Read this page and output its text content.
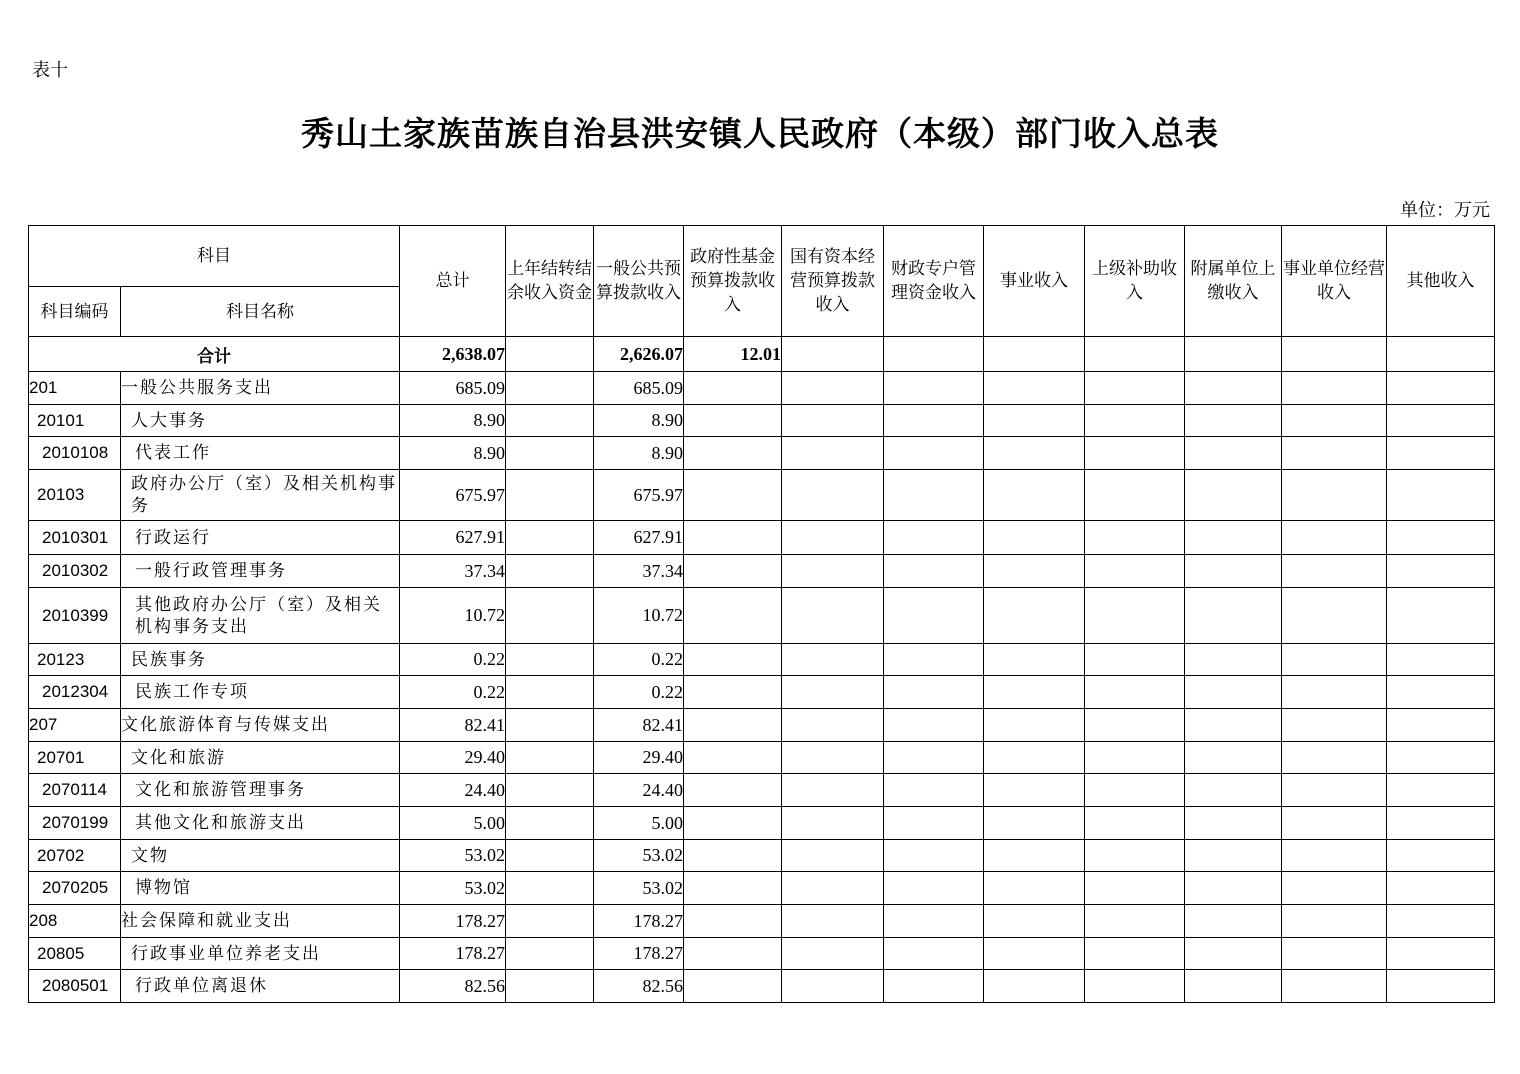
表十
秀山土家族苗族自治县洪安镇人民政府（本级）部门收入总表
单位：万元
科目		总计	上年结转结余收入资金	一般公共预算拨款收入	政府性基金预算拨款收入	国有资本经营预算拨款收入	财政专户管理资金收入	事业收入	上级补助收入	附属单位上缴收入	事业单位经营收入	其他收入
科目编码	科目名称											
合计		2,638.07		2,626.07	12.01							
201	一般公共服务支出	685.09		685.09								
20101	人大事务	8.90		8.90								
2010108	代表工作	8.90		8.90								
20103	政府办公厅（室）及相关机构事务	675.97		675.97								
2010301	行政运行	627.91		627.91								
2010302	一般行政管理事务	37.34		37.34								
2010399	其他政府办公厅（室）及相关机构事务支出	10.72		10.72								
20123	民族事务	0.22		0.22								
2012304	民族工作专项	0.22		0.22								
207	文化旅游体育与传媒支出	82.41		82.41								
20701	文化和旅游	29.40		29.40								
2070114	文化和旅游管理事务	24.40		24.40								
2070199	其他文化和旅游支出	5.00		5.00								
20702	文物	53.02		53.02								
2070205	博物馆	53.02		53.02								
208	社会保障和就业支出	178.27		178.27								
20805	行政事业单位养老支出	178.27		178.27								
2080501	行政单位离退休	82.56		82.56								
